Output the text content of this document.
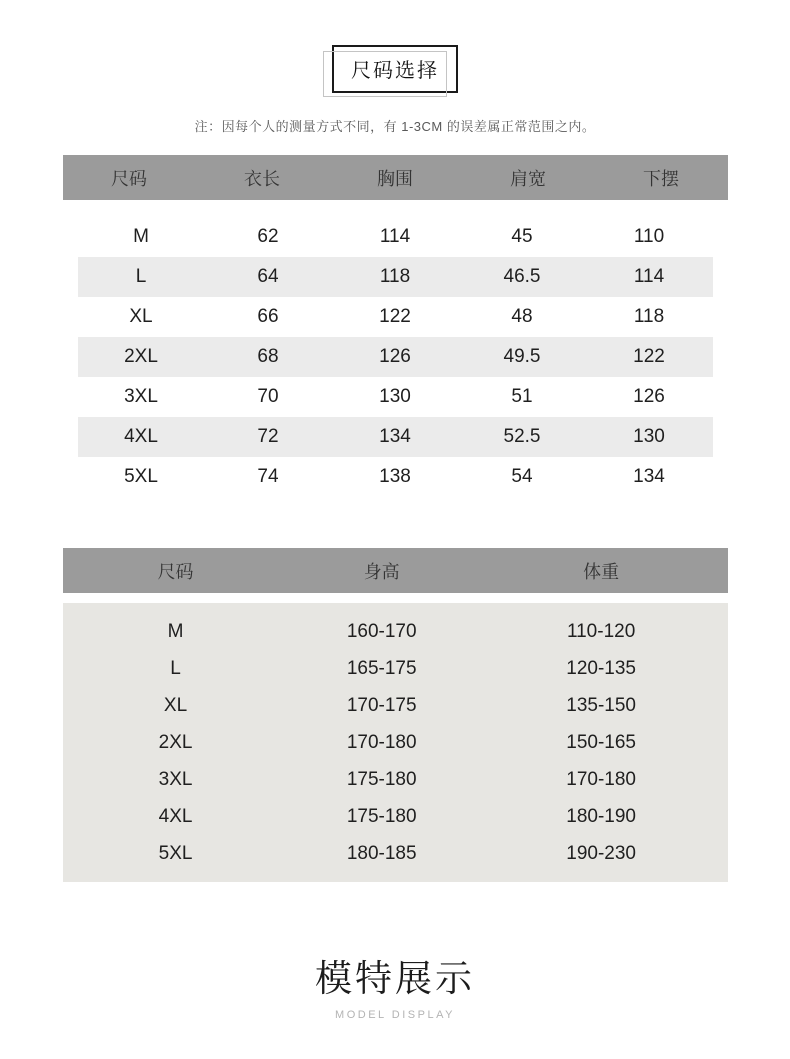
尺码选择
注：因每个人的测量方式不同，有 1-3CM 的误差属正常范围之内。
尺码	衣长	胸围	肩宽	下摆
M	62	114	45	110
L	64	118	46.5	114
XL	66	122	48	118
2XL	68	126	49.5	122
3XL	70	130	51	126
4XL	72	134	52.5	130
5XL	74	138	54	134
尺码	身高	体重
M	160-170	110-120
L	165-175	120-135
XL	170-175	135-150
2XL	170-180	150-165
3XL	175-180	170-180
4XL	175-180	180-190
5XL	180-185	190-230
模特展示
MODEL DISPLAY
